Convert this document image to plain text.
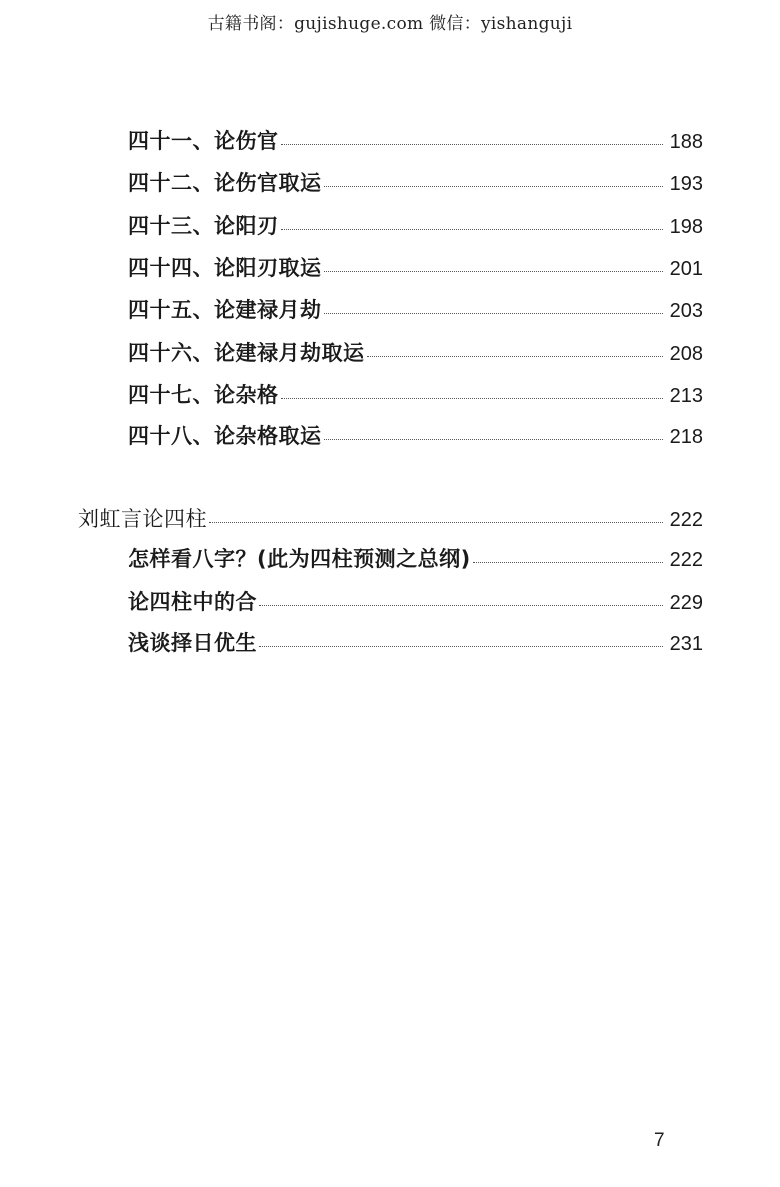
古籍书阁：gujishuge.com 微信：yishanguji
四十一、论伤官	188
四十二、论伤官取运	193
四十三、论阳刃	198
四十四、论阳刃取运	201
四十五、论建禄月劫	203
四十六、论建禄月劫取运	208
四十七、论杂格	213
四十八、论杂格取运	218
刘虹言论四柱	222
怎样看八字？(此为四柱预测之总纲)	222
论四柱中的合	229
浅谈择日优生	231
7
